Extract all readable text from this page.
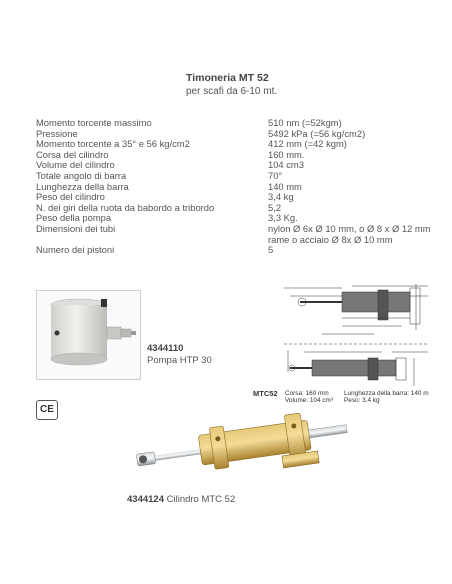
Timoneria MT 52
per scafi da 6-10 mt.
Momento torcente massimo	510 nm (=52kgm)
Pressione	5492 kPa (=56 kg/cm2)
Momento torcente a 35° e 56 kg/cm2	412 mm (=42 kgm)
Corsa del cilindro	160 mm.
Volume del cilindro	104 cm3
Totale angolo di barra	70°
Lunghezza della barra	140 mm
Peso del cilindro	3,4 kg
N. dei giri della ruota da babordo a tribordo	5,2
Peso della pompa	3,3 Kg.
Dimensioni dei tubi	nylon Ø 6x Ø 10 mm, o Ø 8 x Ø 12 mm
rame o acciaio Ø 8x Ø 10 mm
Numero dei pistoni	5
4344110
Pompa HTP 30
MTC52 Corsa: 160 mm
Volume: 104 cm³
Lunghezza della barra: 140 m
Peso: 3,4 kg
CE
4344124 Cilindro MTC 52
